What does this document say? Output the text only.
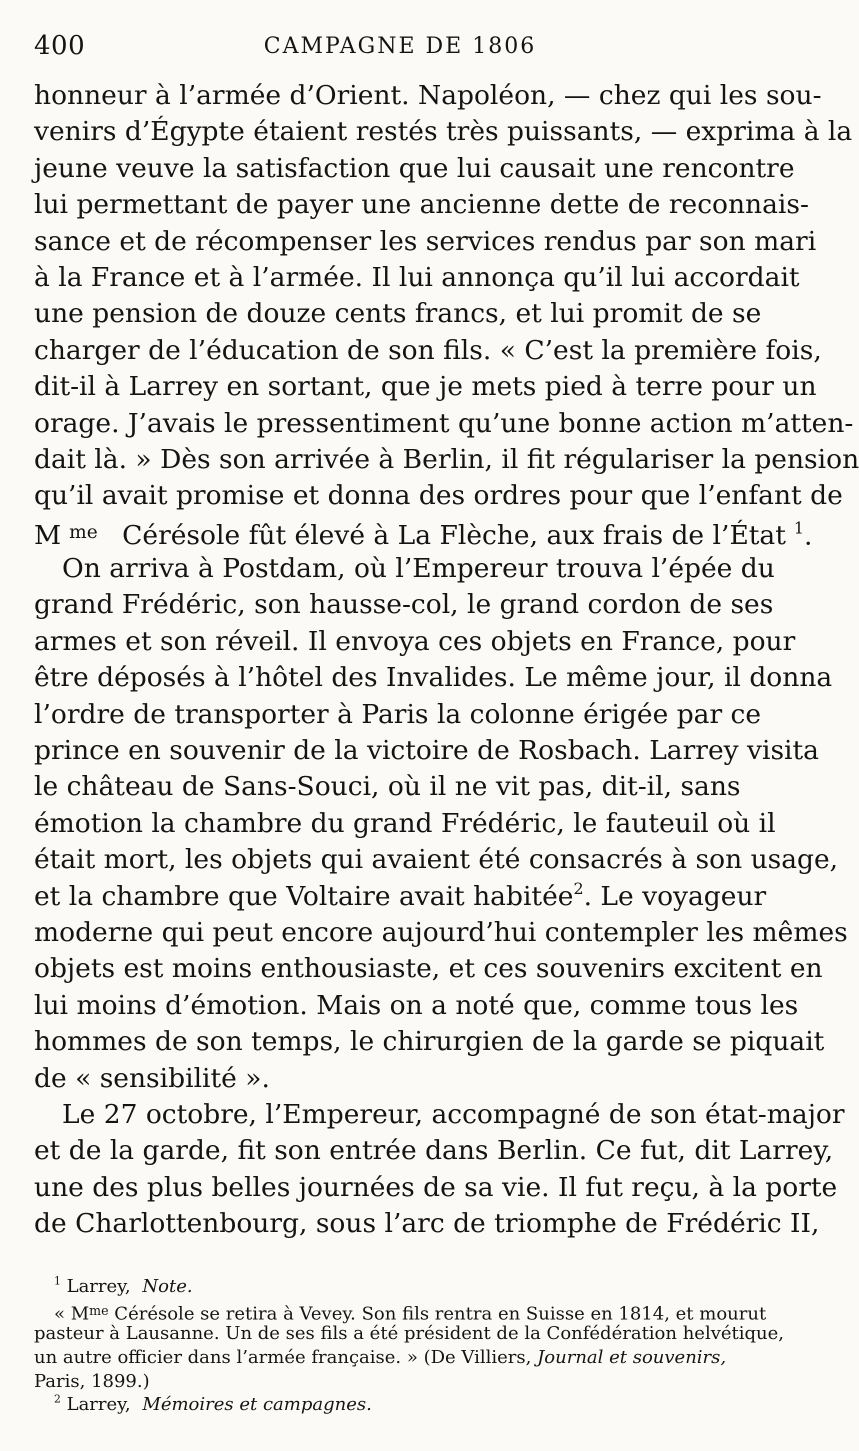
400	CAMPAGNE DE 1806
honneur à l’armée d’Orient. Napoléon, — chez qui les sou-
venirs d’Égypte étaient restés très puissants, — exprima à la
jeune veuve la satisfaction que lui causait une rencontre
lui permettant de payer une ancienne dette de reconnais-
sance et de récompenser les services rendus par son mari
à la France et à l’armée. Il lui annonça qu’il lui accordait
une pension de douze cents francs, et lui promit de se
charger de l’éducation de son fils. « C’est la première fois,
dit-il à Larrey en sortant, que je mets pied à terre pour un
orage. J’avais le pressentiment qu’une bonne action m’atten-
dait là. » Dès son arrivée à Berlin, il fit régulariser la pension
qu’il avait promise et donna des ordres pour que l’enfant de
M $^{me}$ Cérésole fût élevé à La Flèche, aux frais de l’État $^1$.
On arriva à Postdam, où l’Empereur trouva l’épée du
grand Frédéric, son hausse-col, le grand cordon de ses
armes et son réveil. Il envoya ces objets en France, pour
être déposés à l’hôtel des Invalides. Le même jour, il donna
l’ordre de transporter à Paris la colonne érigée par ce
prince en souvenir de la victoire de Rosbach. Larrey visita
le château de Sans-Souci, où il ne vit pas, dit-il, sans
émotion la chambre du grand Frédéric, le fauteuil où il
était mort, les objets qui avaient été consacrés à son usage,
et la chambre que Voltaire avait habitée$^2$. Le voyageur
moderne qui peut encore aujourd’hui contempler les mêmes
objets est moins enthousiaste, et ces souvenirs excitent en
lui moins d’émotion. Mais on a noté que, comme tous les
hommes de son temps, le chirurgien de la garde se piquait
de « sensibilité ».
Le 27 octobre, l’Empereur, accompagné de son état-major
et de la garde, fit son entrée dans Berlin. Ce fut, dit Larrey,
une des plus belles journées de sa vie. Il fut reçu, à la porte
de Charlottenbourg, sous l’arc de triomphe de Frédéric II,
$^1$ Larrey, Note.
« $M^{me}$ Cérésole se retira à Vevey. Son fils rentra en Suisse en 1814, et mourut
pasteur à Lausanne. Un de ses fils a été président de la Confédération helvétique,
un autre officier dans l’armée française. » (De Villiers, Journal et souvenirs,
Paris, 1899.)
$^2$ Larrey, Mémoires et campagnes.
